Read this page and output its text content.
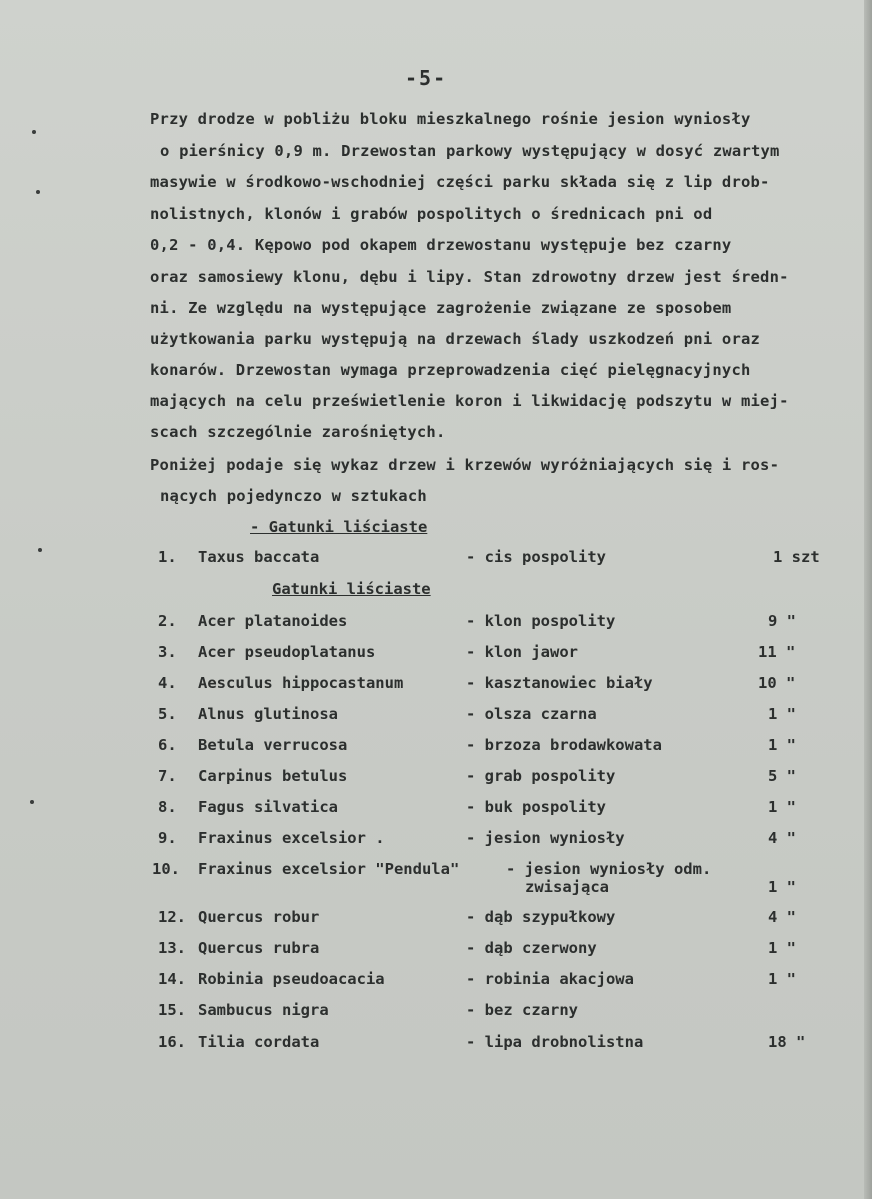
-5-
Przy drodze w pobliżu bloku mieszkalnego rośnie jesion wyniosły
o pierśnicy 0,9 m. Drzewostan parkowy występujący w dosyć zwartym
masywie w środkowo-wschodniej części parku składa się z lip drob-
nolistnych, klonów i grabów pospolitych o średnicach pni od
0,2 - 0,4. Kępowo pod okapem drzewostanu występuje bez czarny
oraz samosiewy klonu, dębu i lipy. Stan zdrowotny drzew jest średn-
ni. Ze względu na występujące zagrożenie związane ze sposobem
użytkowania parku występują na drzewach ślady uszkodzeń pni oraz
konarów. Drzewostan wymaga przeprowadzenia cięć pielęgnacyjnych
mających na celu prześwietlenie koron i likwidację podszytu w miej-
scach szczególnie zarośniętych.
Poniżej podaje się wykaz drzew i krzewów wyróżniających się i ros-
nących pojedynczo w sztukach
- Gatunki liściaste
1. Taxus baccata	- cis pospolity	1 szt
Gatunki liściaste
2. Acer platanoides	- klon pospolity	9 "
3. Acer pseudoplatanus	- klon jawor	11 "
4. Aesculus hippocastanum	- kasztanowiec biały	10 "
5. Alnus glutinosa	- olsza czarna	1 "
6. Betula verrucosa	- brzoza brodawkowata	1 "
7. Carpinus betulus	- grab pospolity	5 "
8. Fagus silvatica	- buk pospolity	1 "
9. Fraxinus excelsior .	- jesion wyniosły	4 "
10. Fraxinus excelsior "Pendula"	- jesion wyniosły odm.
zwisająca	1 "
12. Quercus robur	- dąb szypułkowy	4 "
13. Quercus rubra	- dąb czerwony	1 "
14. Robinia pseudoacacia	- robinia akacjowa	1 "
15. Sambucus nigra	- bez czarny
16. Tilia cordata	- lipa drobnolistna	18 "
